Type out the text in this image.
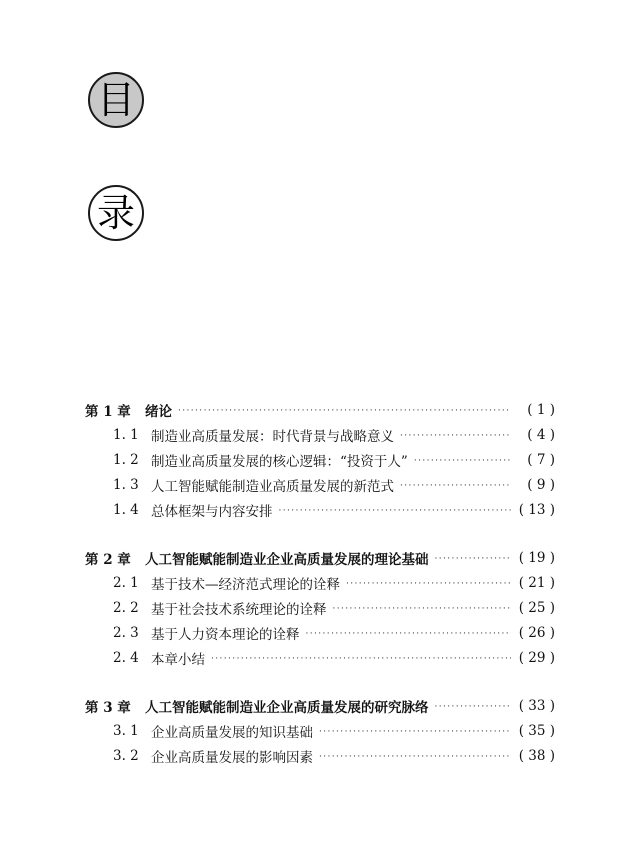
目
录
第 1 章	绪论 ·····	( 1 )
1. 1 制造业高质量发展：时代背景与战略意义 ·····	( 4 )
1. 2 制造业高质量发展的核心逻辑：“投资于人” ·····	( 7 )
1. 3 人工智能赋能制造业高质量发展的新范式 ·····	( 9 )
1. 4 总体框架与内容安排 ·····	( 13 )
第 2 章	人工智能赋能制造业企业高质量发展的理论基础 ·····	( 19 )
2. 1 基于技术—经济范式理论的诠释 ·····	( 21 )
2. 2 基于社会技术系统理论的诠释 ·····	( 25 )
2. 3 基于人力资本理论的诠释 ·····	( 26 )
2. 4 本章小结 ·····	( 29 )
第 3 章	人工智能赋能制造业企业高质量发展的研究脉络 ·····	( 33 )
3. 1 企业高质量发展的知识基础 ·····	( 35 )
3. 2 企业高质量发展的影响因素 ·····	( 38 )
